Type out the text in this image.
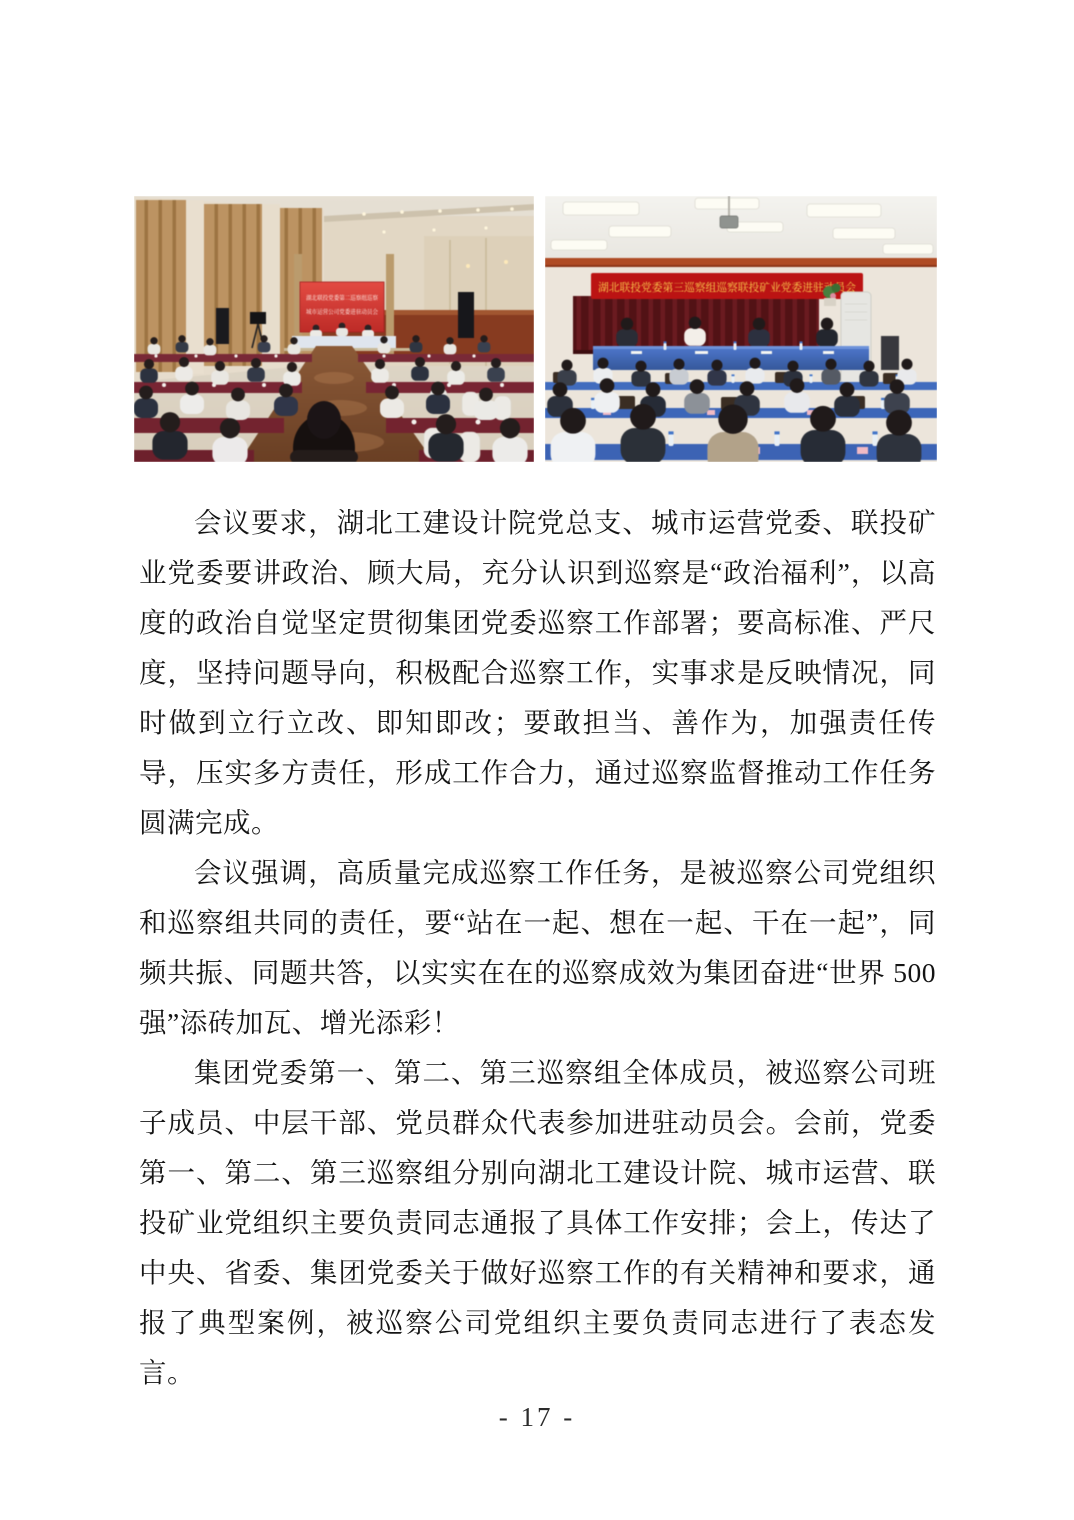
湖北联投党委第二巡察组巡察
城市运营公司党委进驻动员会
湖北联投党委第三巡察组巡察联投矿业党委进驻动员会

会议要求，湖北工建设计院党总支、城市运营党委、联投矿业党委要讲政治、顾大局，充分认识到巡察是“政治福利”，以高度的政治自觉坚定贯彻集团党委巡察工作部署；要高标准、严尺度，坚持问题导向，积极配合巡察工作，实事求是反映情况，同时做到立行立改、即知即改；要敢担当、善作为，加强责任传导，压实多方责任，形成工作合力，通过巡察监督推动工作任务圆满完成。

会议强调，高质量完成巡察工作任务，是被巡察公司党组织和巡察组共同的责任，要“站在一起、想在一起、干在一起”，同频共振、同题共答，以实实在在的巡察成效为集团奋进“世界 500 强”添砖加瓦、增光添彩！

集团党委第一、第二、第三巡察组全体成员，被巡察公司班子成员、中层干部、党员群众代表参加进驻动员会。会前，党委第一、第二、第三巡察组分别向湖北工建设计院、城市运营、联投矿业党组织主要负责同志通报了具体工作安排；会上，传达了中央、省委、集团党委关于做好巡察工作的有关精神和要求，通报了典型案例，被巡察公司党组织主要负责同志进行了表态发言。

- 17 -
